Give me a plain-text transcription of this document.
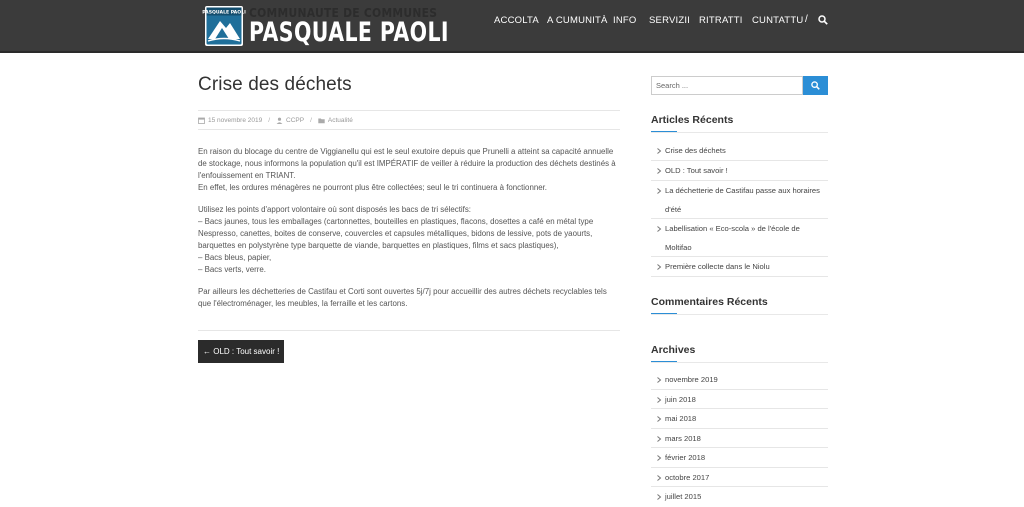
PASQUALE PAOLI COMMUNAUTE DE COMMUNES
PASQUALE PAOLI	ACCOLTA A CUMUNITÀ INFO SERVIZII RITRATTI CUNTATTU /
Crise des déchets
15 novembre 2019 / CCPP / Actualité

En raison du blocage du centre de Viggianellu qui est le seul exutoire depuis que Prunelli a atteint sa capacité annuelle de stockage, nous informons la population qu'il est IMPÉRATIF de veiller à réduire la production des déchets destinés à l'enfouissement en TRIANT.
En effet, les ordures ménagères ne pourront plus être collectées; seul le tri continuera à fonctionner.

Utilisez les points d'apport volontaire où sont disposés les bacs de tri sélectifs:
– Bacs jaunes, tous les emballages (cartonnettes, bouteilles en plastiques, flacons, dosettes a café en métal type Nespresso, canettes, boites de conserve, couvercles et capsules métalliques, bidons de lessive, pots de yaourts, barquettes en polystyrène type barquette de viande, barquettes en plastiques, films et sacs plastiques),
– Bacs bleus, papier,
– Bacs verts, verre.

Par ailleurs les déchetteries de Castifau et Corti sont ouvertes 5j/7j pour accueillir des autres déchets recyclables tels que l'électroménager, les meubles, la ferraille et les cartons.

← OLD : Tout savoir !
Search ...
Articles Récents
Crise des déchets
OLD : Tout savoir !
La déchetterie de Castifau passe aux horaires d'été
Labellisation « Eco-scola » de l'école de Moltifao
Première collecte dans le Niolu
Commentaires Récents
Archives
novembre 2019
juin 2018
mai 2018
mars 2018
février 2018
octobre 2017
juillet 2015
